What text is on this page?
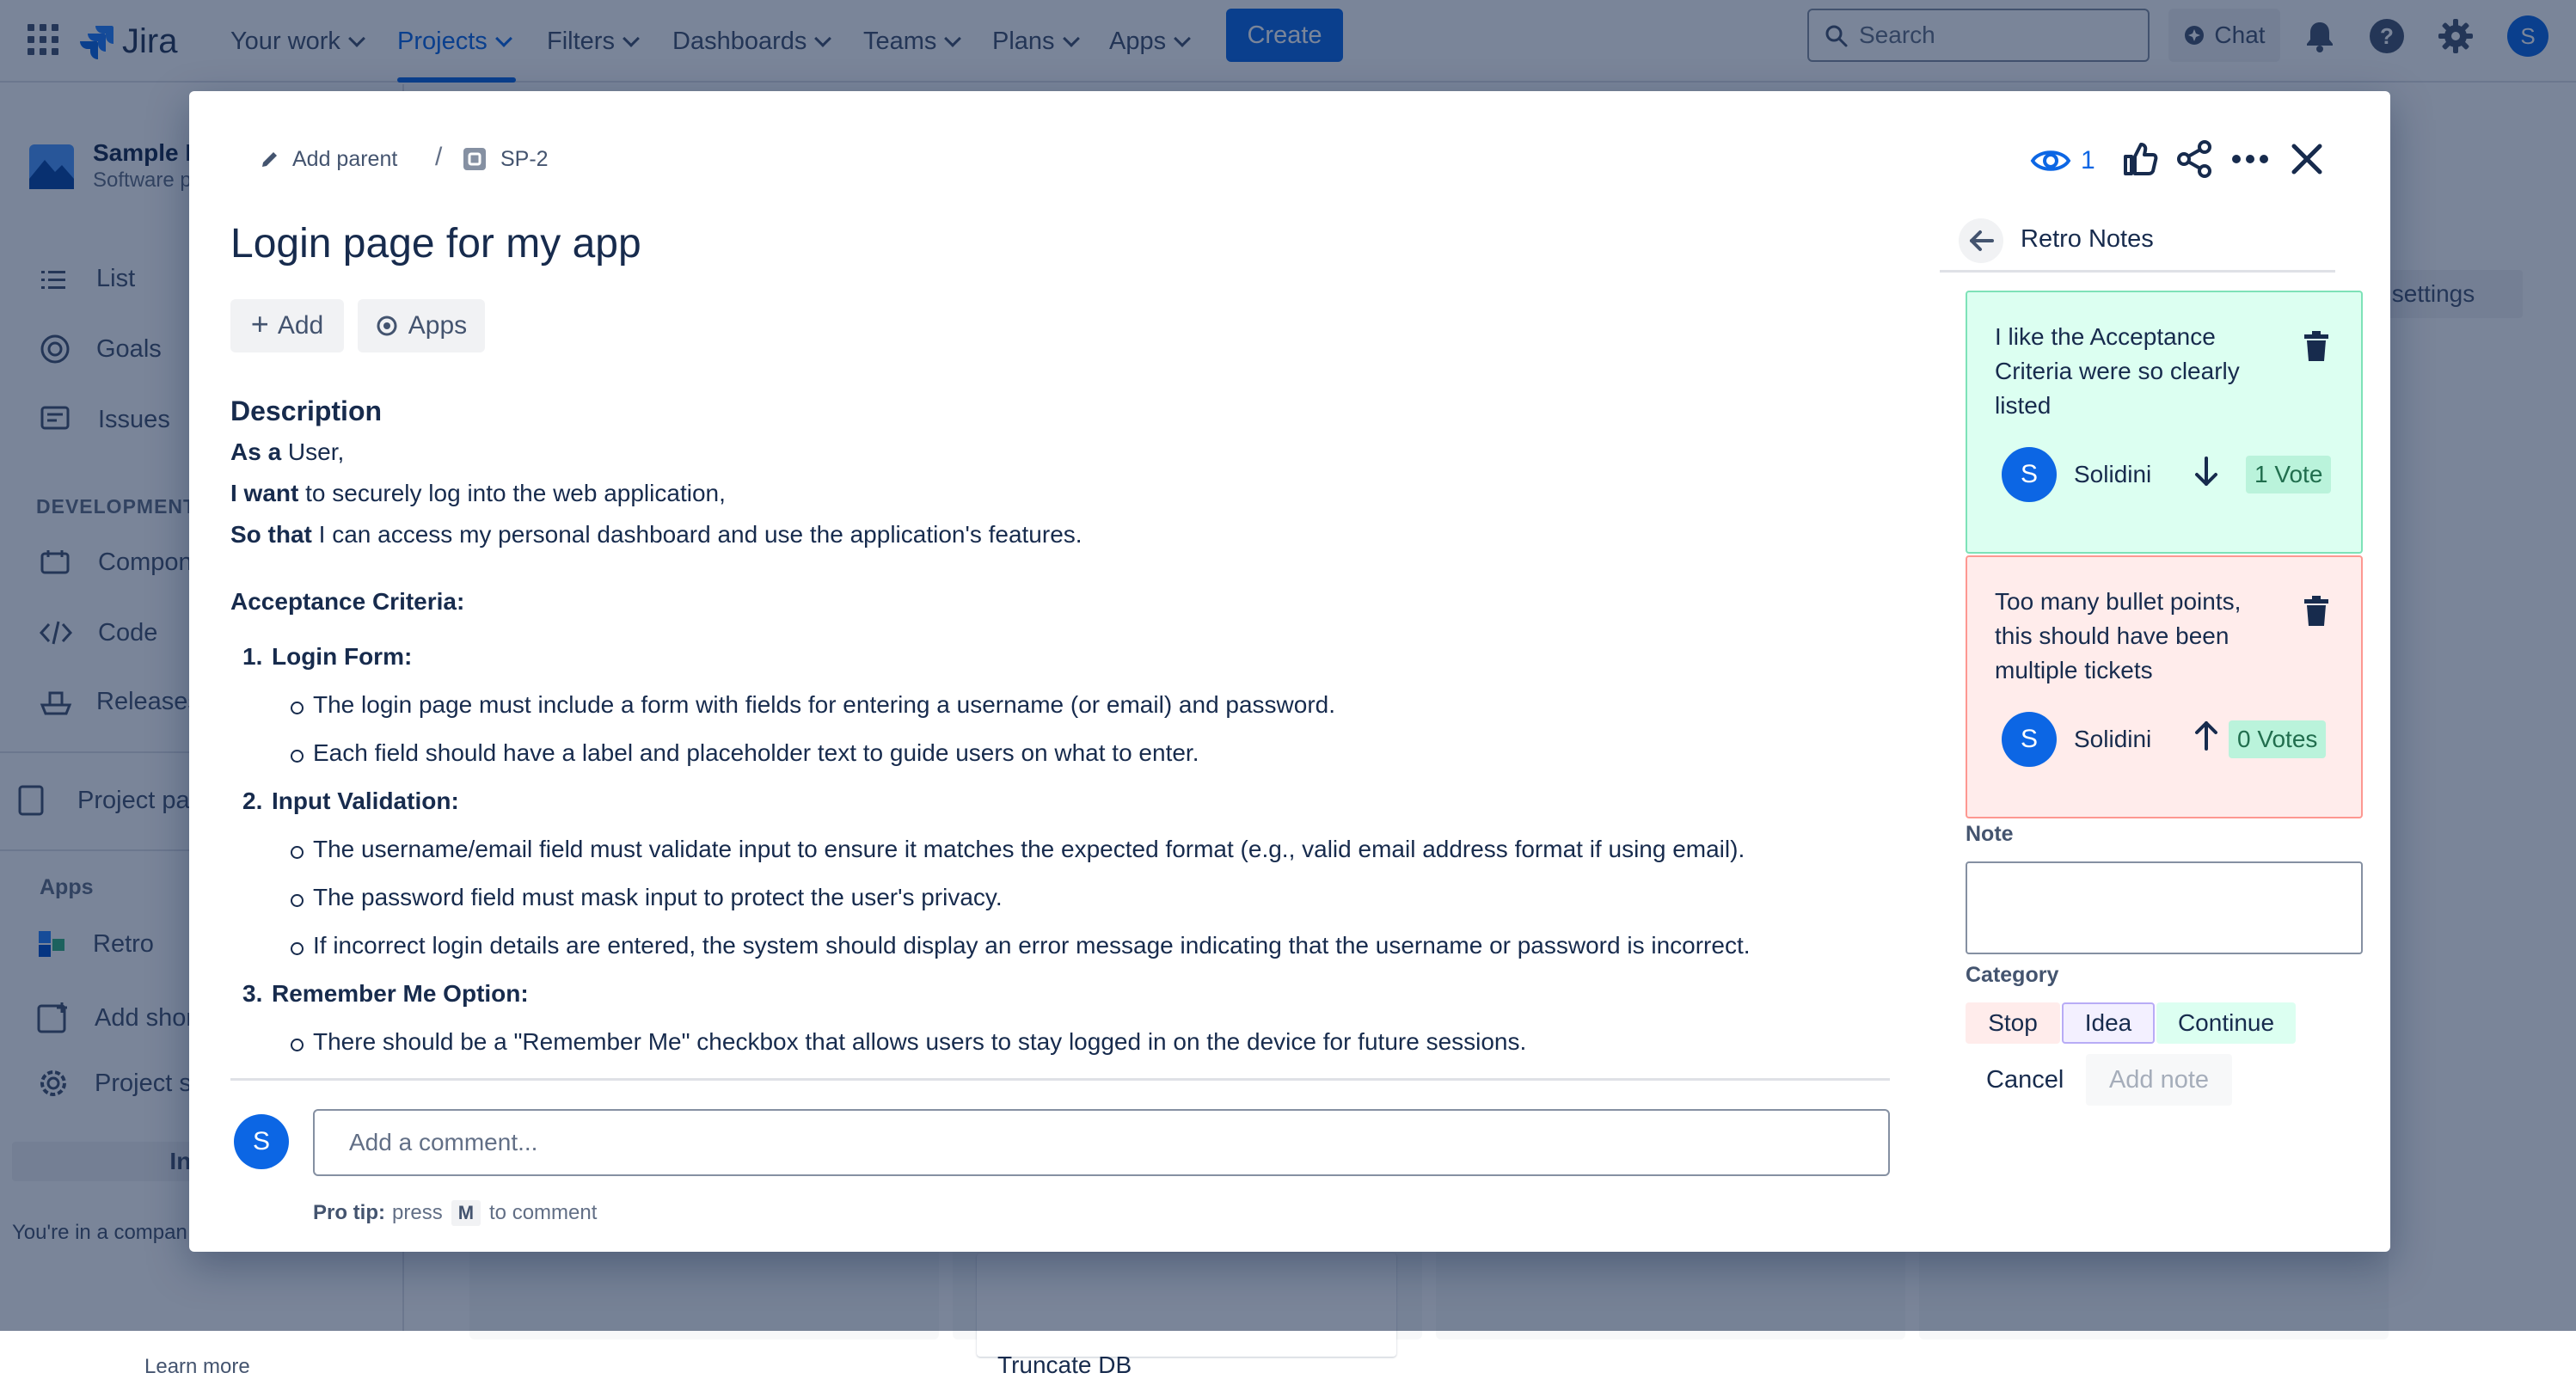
Learn more	Truncate DB
Add parent /	SP-2	1
Login page for my app
+ Add	Apps
Description
As a User,
I want to securely log into the web application,
So that I can access my personal dashboard and use the application's features.
Acceptance Criteria:
1. Login Form:
The login page must include a form with fields for entering a username (or email) and password.
Each field should have a label and placeholder text to guide users on what to enter.
2. Input Validation:
The username/email field must validate input to ensure it matches the expected format (e.g., valid email address format if using email).
The password field must mask input to protect the user's privacy.
If incorrect login details are entered, the system should display an error message indicating that the username or password is incorrect.
3. Remember Me Option:
There should be a "Remember Me" checkbox that allows users to stay logged in on the device for future sessions.
S	Add a comment...
Pro tip: press M to comment
Retro Notes
I like the Acceptance Criteria were so clearly listed
S	Solidini	1 Vote
Too many bullet points, this should have been multiple tickets
S	Solidini	0 Votes
Note
Category
Stop	Idea	Continue
Cancel Add note
